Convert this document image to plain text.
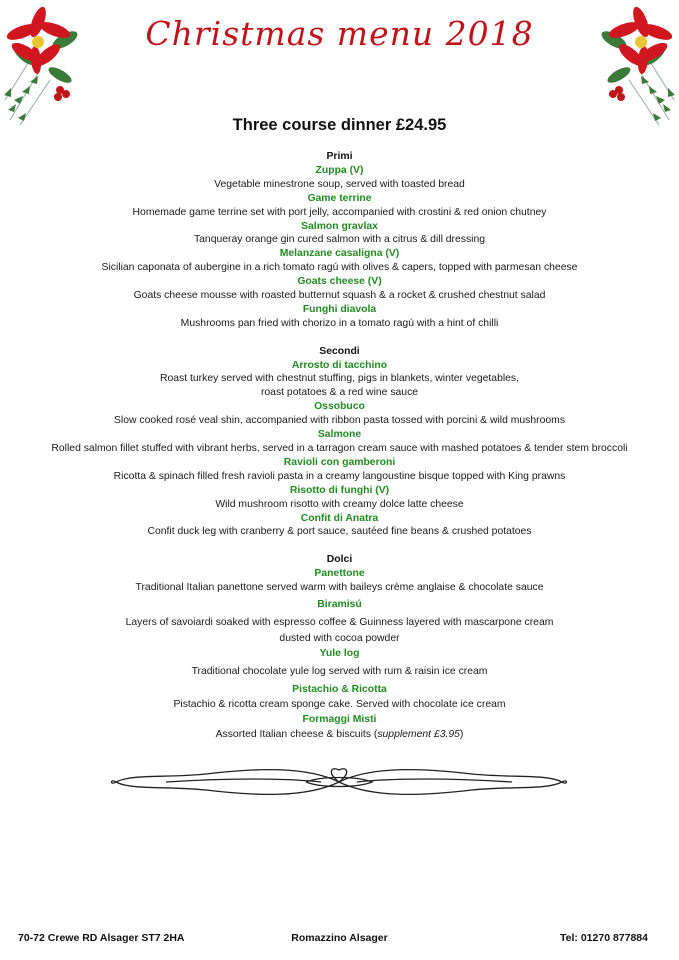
Christmas menu 2018
Three course dinner £24.95
Primi
Zuppa (V)
Vegetable minestrone soup, served with toasted bread
Game terrine
Homemade game terrine set with port jelly, accompanied with crostini & red onion chutney
Salmon gravlax
Tanqueray orange gin cured salmon with a citrus & dill dressing
Melanzane casaligna (V)
Sicilian caponata of aubergine in a rich tomato ragú with olives & capers, topped with parmesan cheese
Goats cheese (V)
Goats cheese mousse with roasted butternut squash & a rocket & crushed chestnut salad
Funghi diavola
Mushrooms pan fried with chorizo in a tomato ragú with a hint of chilli
Secondi
Arrosto di tacchino
Roast turkey served with chestnut stuffing, pigs in blankets, winter vegetables,
roast potatoes & a red wine sauce
Ossobuco
Slow cooked rosé veal shin, accompanied with ribbon pasta tossed with porcini & wild mushrooms
Salmone
Rolled salmon fillet stuffed with vibrant herbs, served in a tarragon cream sauce with mashed potatoes & tender stem broccoli
Ravioli con gamberoni
Ricotta & spinach filled fresh ravioli pasta in a creamy langoustine bisque topped with King prawns
Risotto di funghi (V)
Wild mushroom risotto with creamy dolce latte cheese
Confit di Anatra
Confit duck leg with cranberry & port sauce, sautéed fine beans & crushed potatoes
Dolci
Panettone
Traditional Italian panettone served warm with baileys crème anglaise & chocolate sauce
Biramisú
Layers of savoiardi soaked with espresso coffee & Guinness layered with mascarpone cream
dusted with cocoa powder
Yule log
Traditional chocolate yule log served with rum & raisin ice cream
Pistachio & Ricotta
Pistachio & ricotta cream sponge cake. Served with chocolate ice cream
Formaggi Misti
Assorted Italian cheese & biscuits (supplement £3.95)
70-72 Crewe RD Alsager ST7 2HA	Romazzino Alsager	Tel: 01270 877884
